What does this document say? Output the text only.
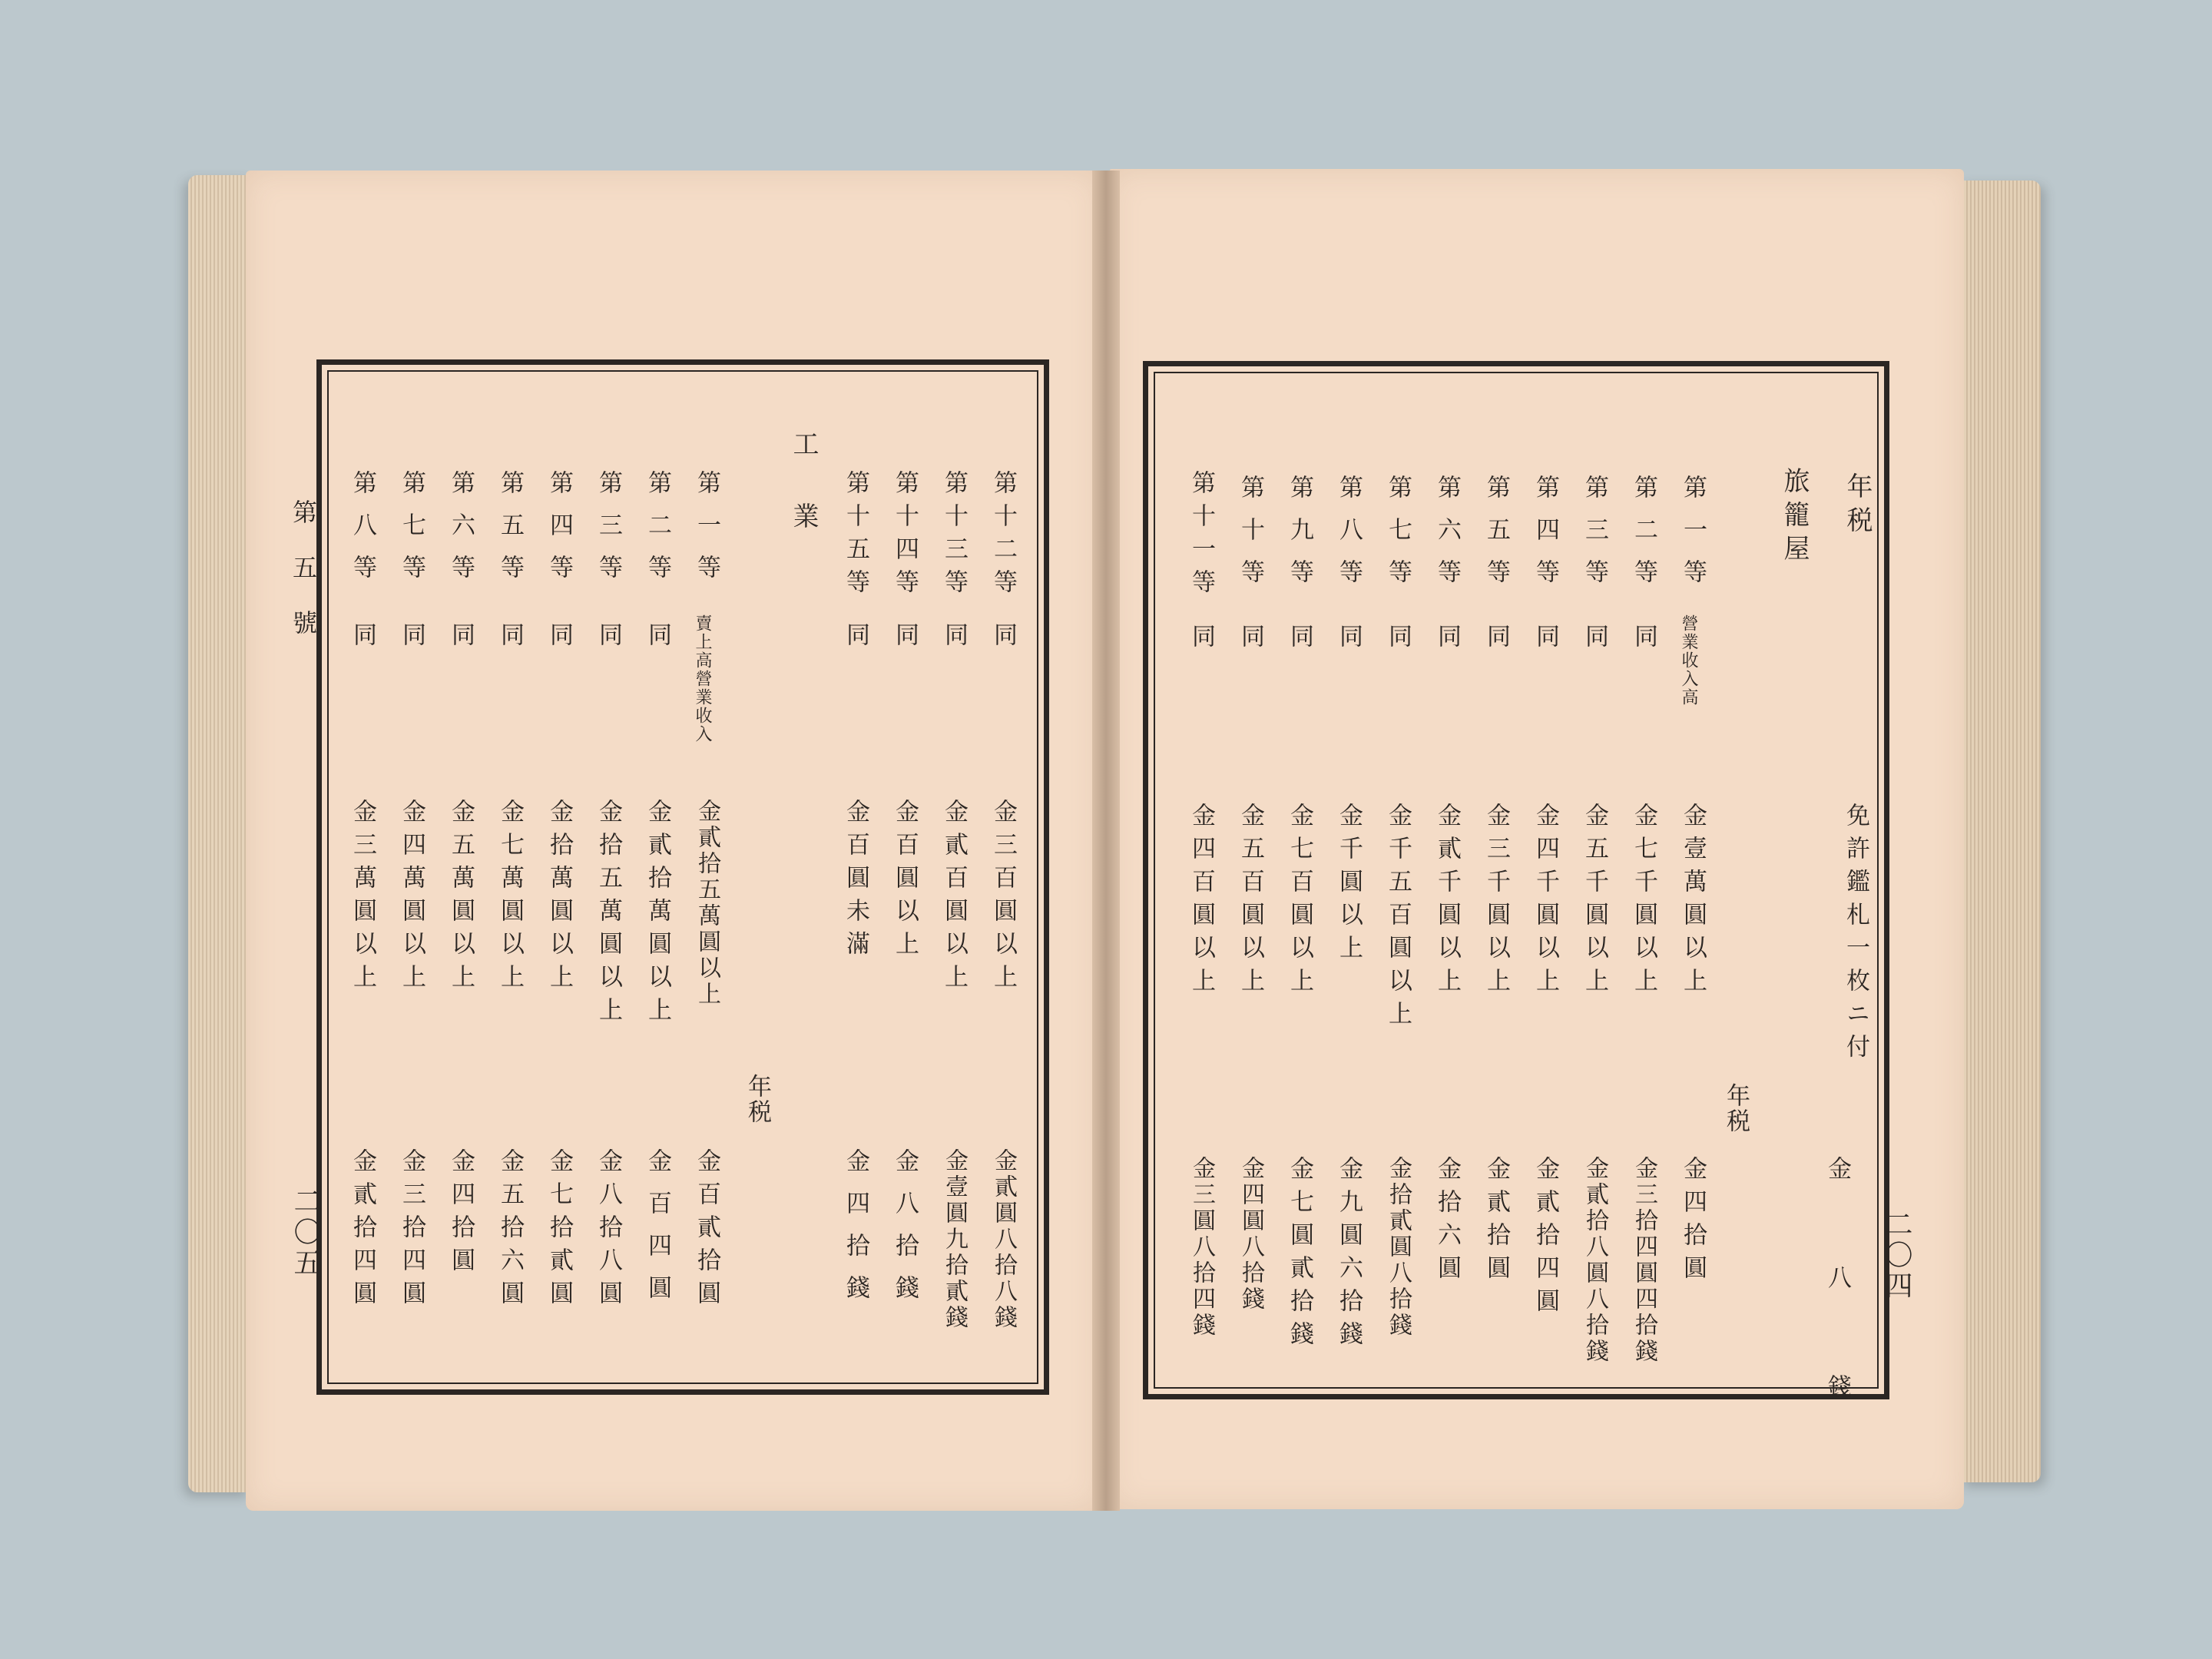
第五號
二〇五	二〇四
年税
免許鑑札一枚ニ付
金　八　錢
旅籠屋
年税
第一等
營業收入高
金壹萬圓以上
金四拾圓
第二等
同
金七千圓以上
金三拾四圓四拾錢
第三等
同
金五千圓以上
金貳拾八圓八拾錢
第四等
同
金四千圓以上
金貳拾四圓
第五等
同
金三千圓以上
金貳拾圓
第六等
同
金貳千圓以上
金拾六圓
第七等
同
金千五百圓以上
金拾貳圓八拾錢
第八等
同
金千圓以上
金九圓六拾錢
第九等
同
金七百圓以上
金七圓貳拾錢
第十等
同
金五百圓以上
金四圓八拾錢
第十一等
同
金四百圓以上
金三圓八拾四錢
第十二等
同
金三百圓以上
金貳圓八拾八錢
第十三等
同
金貳百圓以上
金壹圓九拾貳錢
第十四等
同
金百圓以上
金八拾錢
第十五等
同
金百圓未滿
金四拾錢
工業
年税
第一等
賣上高營業收入
金貳拾五萬圓以上
金百貳拾圓
第二等
同
金貳拾萬圓以上
金百四圓
第三等
同
金拾五萬圓以上
金八拾八圓
第四等
同
金拾萬圓以上
金七拾貳圓
第五等
同
金七萬圓以上
金五拾六圓
第六等
同
金五萬圓以上
金四拾圓
第七等
同
金四萬圓以上
金三拾四圓
第八等
同
金三萬圓以上
金貳拾四圓
